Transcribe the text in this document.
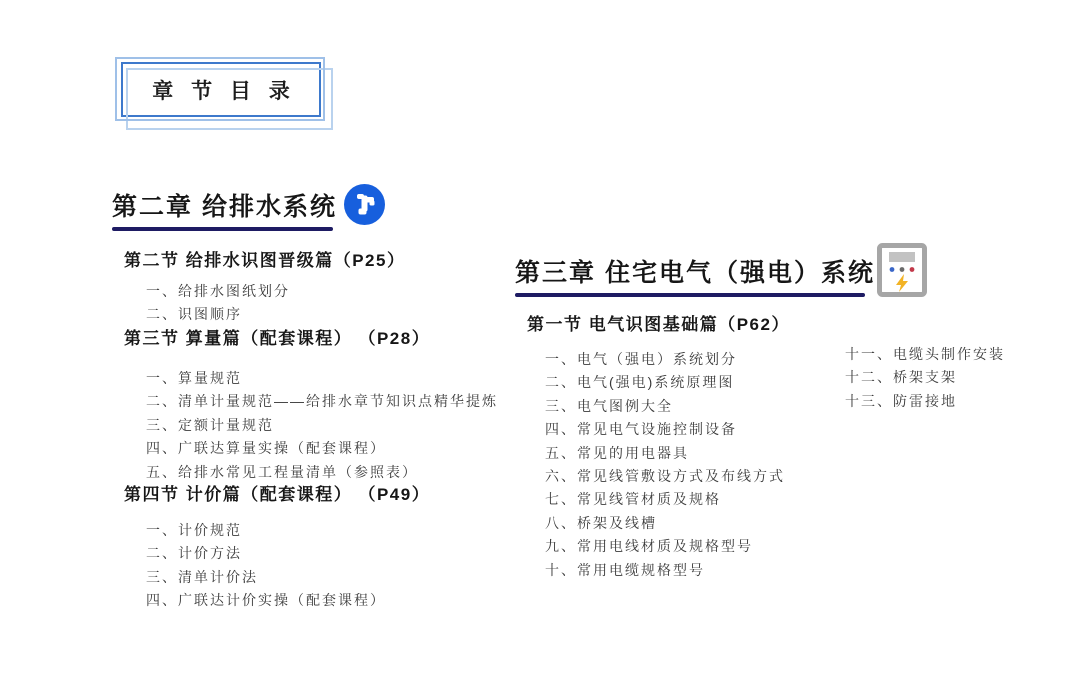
章 节 目 录
第二章 给排水系统
第二节 给排水识图晋级篇（P25）
一、给排水图纸划分
二、识图顺序
第三节 算量篇（配套课程） （P28）
一、算量规范
二、清单计量规范——给排水章节知识点精华提炼
三、定额计量规范
四、广联达算量实操（配套课程）
五、给排水常见工程量清单（参照表）
第四节 计价篇（配套课程） （P49）
一、计价规范
二、计价方法
三、清单计价法
四、广联达计价实操（配套课程）
第三章 住宅电气（强电）系统
第一节 电气识图基础篇（P62）
一、电气（强电）系统划分
二、电气(强电)系统原理图
三、电气图例大全
四、常见电气设施控制设备
五、常见的用电器具
六、常见线管敷设方式及布线方式
七、常见线管材质及规格
八、桥架及线槽
九、常用电线材质及规格型号
十、常用电缆规格型号
十一、电缆头制作安装
十二、桥架支架
十三、防雷接地
